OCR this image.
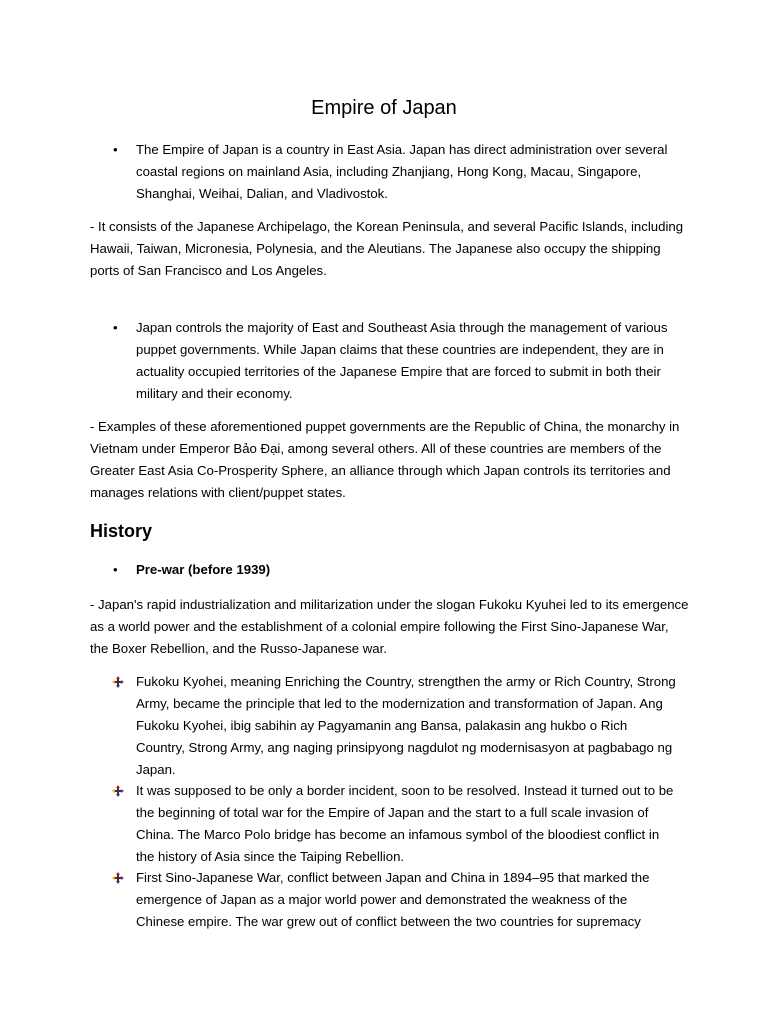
Empire of Japan
• The Empire of Japan is a country in East Asia. Japan has direct administration over several coastal regions on mainland Asia, including Zhanjiang, Hong Kong, Macau, Singapore, Shanghai, Weihai, Dalian, and Vladivostok.

- It consists of the Japanese Archipelago, the Korean Peninsula, and several Pacific Islands, including Hawaii, Taiwan, Micronesia, Polynesia, and the Aleutians. The Japanese also occupy the shipping ports of San Francisco and Los Angeles.

• Japan controls the majority of East and Southeast Asia through the management of various puppet governments. While Japan claims that these countries are independent, they are in actuality occupied territories of the Japanese Empire that are forced to submit in both their military and their economy.

- Examples of these aforementioned puppet governments are the Republic of China, the monarchy in Vietnam under Emperor Bảo Đại, among several others. All of these countries are members of the Greater East Asia Co-Prosperity Sphere, an alliance through which Japan controls its territories and manages relations with client/puppet states.

History
• Pre-war (before 1939)

- Japan's rapid industrialization and militarization under the slogan Fukoku Kyuhei led to its emergence as a world power and the establishment of a colonial empire following the First Sino-Japanese War, the Boxer Rebellion, and the Russo-Japanese war.

Fukoku Kyohei, meaning Enriching the Country, strengthen the army or Rich Country, Strong Army, became the principle that led to the modernization and transformation of Japan. Ang Fukoku Kyohei, ibig sabihin ay Pagyamanin ang Bansa, palakasin ang hukbo o Rich Country, Strong Army, ang naging prinsipyong nagdulot ng modernisasyon at pagbabago ng Japan.

It was supposed to be only a border incident, soon to be resolved. Instead it turned out to be the beginning of total war for the Empire of Japan and the start to a full scale invasion of China. The Marco Polo bridge has become an infamous symbol of the bloodiest conflict in the history of Asia since the Taiping Rebellion.

First Sino-Japanese War, conflict between Japan and China in 1894–95 that marked the emergence of Japan as a major world power and demonstrated the weakness of the Chinese empire. The war grew out of conflict between the two countries for supremacy
